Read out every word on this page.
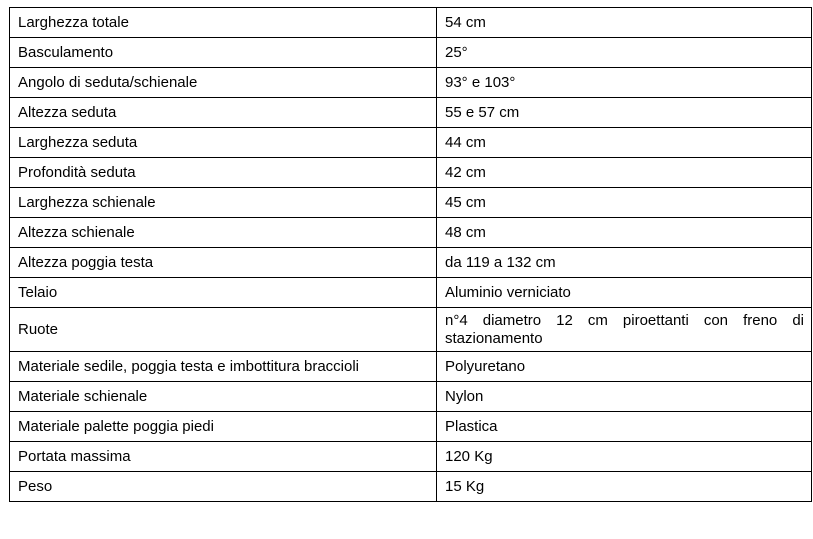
Larghezza totale	54 cm
Basculamento	25°
Angolo di seduta/schienale	93° e 103°
Altezza seduta	55 e 57 cm
Larghezza seduta	44 cm
Profondità seduta	42 cm
Larghezza schienale	45 cm
Altezza schienale	48 cm
Altezza poggia testa	da 119 a 132 cm
Telaio	Aluminio verniciato
Ruote	n°4 diametro 12 cm piroettanti con freno di stazionamento
Materiale sedile, poggia testa e imbottitura braccioli	Polyuretano
Materiale schienale	Nylon
Materiale palette poggia piedi	Plastica
Portata massima	120 Kg
Peso	15 Kg
